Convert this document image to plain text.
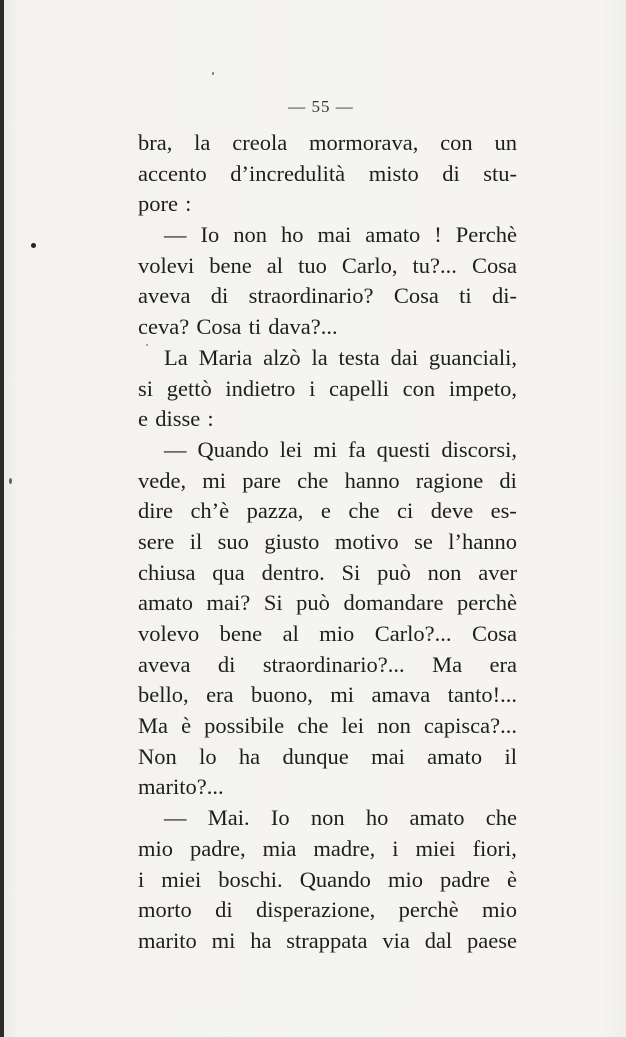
— 55 —
bra, la creola mormorava, con un
accento d’incredulità misto di stu-
pore :
— Io non ho mai amato ! Perchè
volevi bene al tuo Carlo, tu?... Cosa
aveva di straordinario? Cosa ti di-
ceva? Cosa ti dava?...
La Maria alzò la testa dai guanciali,
si gettò indietro i capelli con impeto,
e disse :
— Quando lei mi fa questi discorsi,
vede, mi pare che hanno ragione di
dire ch’è pazza, e che ci deve es-
sere il suo giusto motivo se l’hanno
chiusa qua dentro. Si può non aver
amato mai? Si può domandare perchè
volevo bene al mio Carlo?... Cosa
aveva di straordinario?... Ma era
bello, era buono, mi amava tanto!...
Ma è possibile che lei non capisca?...
Non lo ha dunque mai amato il
marito?...
— Mai. Io non ho amato che
mio padre, mia madre, i miei fiori,
i miei boschi. Quando mio padre è
morto di disperazione, perchè mio
marito mi ha strappata via dal paese
